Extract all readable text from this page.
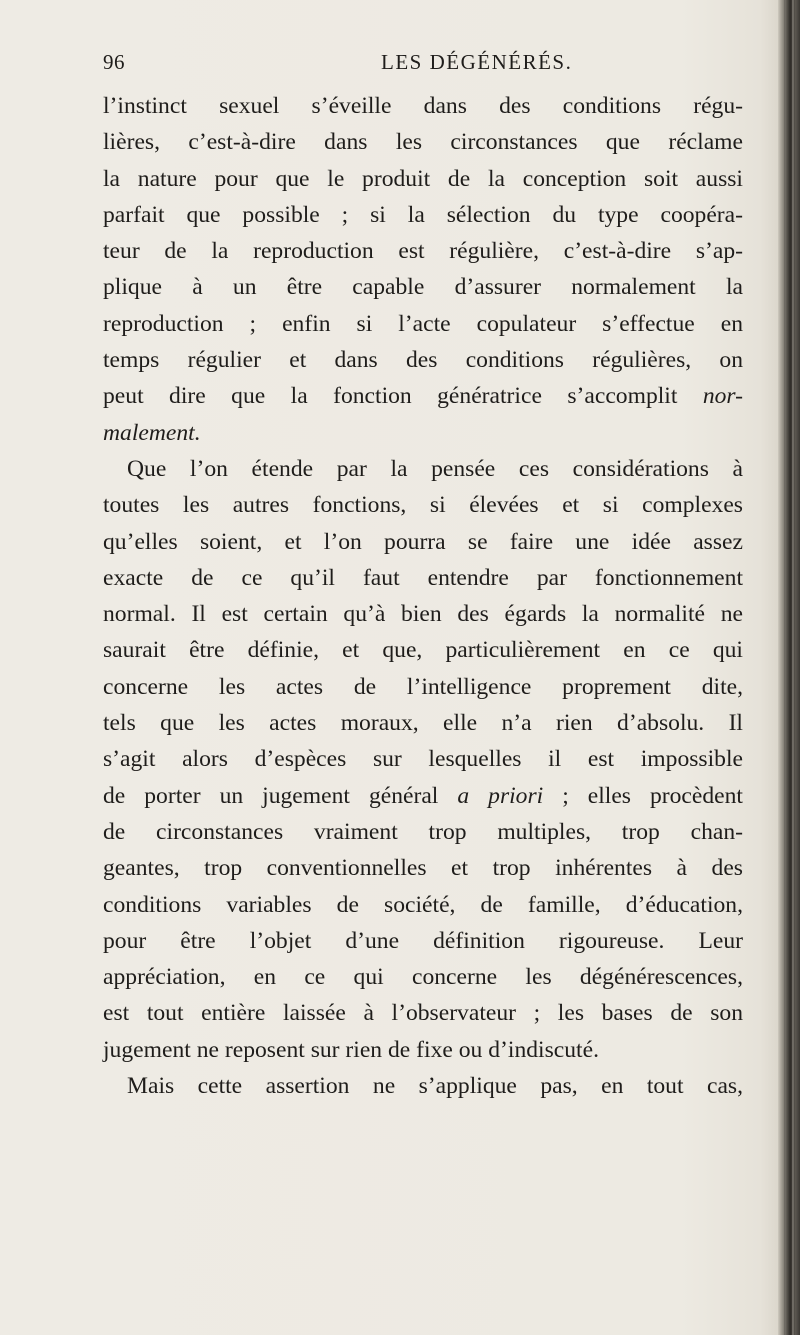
96	LES DÉGÉNÉRÉS.
l’instinct sexuel s’éveille dans des conditions régu-
lières, c’est-à-dire dans les circonstances que réclame
la nature pour que le produit de la conception soit aussi
parfait que possible ; si la sélection du type coopéra-
teur de la reproduction est régulière, c’est-à-dire s’ap-
plique à un être capable d’assurer normalement la
reproduction ; enfin si l’acte copulateur s’effectue en
temps régulier et dans des conditions régulières, on
peut dire que la fonction génératrice s’accomplit nor-
malement.
Que l’on étende par la pensée ces considérations à
toutes les autres fonctions, si élevées et si complexes
qu’elles soient, et l’on pourra se faire une idée assez
exacte de ce qu’il faut entendre par fonctionnement
normal. Il est certain qu’à bien des égards la normalité ne
saurait être définie, et que, particulièrement en ce qui
concerne les actes de l’intelligence proprement dite,
tels que les actes moraux, elle n’a rien d’absolu. Il
s’agit alors d’espèces sur lesquelles il est impossible
de porter un jugement général a priori ; elles procèdent
de circonstances vraiment trop multiples, trop chan-
geantes, trop conventionnelles et trop inhérentes à des
conditions variables de société, de famille, d’éducation,
pour être l’objet d’une définition rigoureuse. Leur
appréciation, en ce qui concerne les dégénérescences,
est tout entière laissée à l’observateur ; les bases de son
jugement ne reposent sur rien de fixe ou d’indiscuté.
Mais cette assertion ne s’applique pas, en tout cas,
